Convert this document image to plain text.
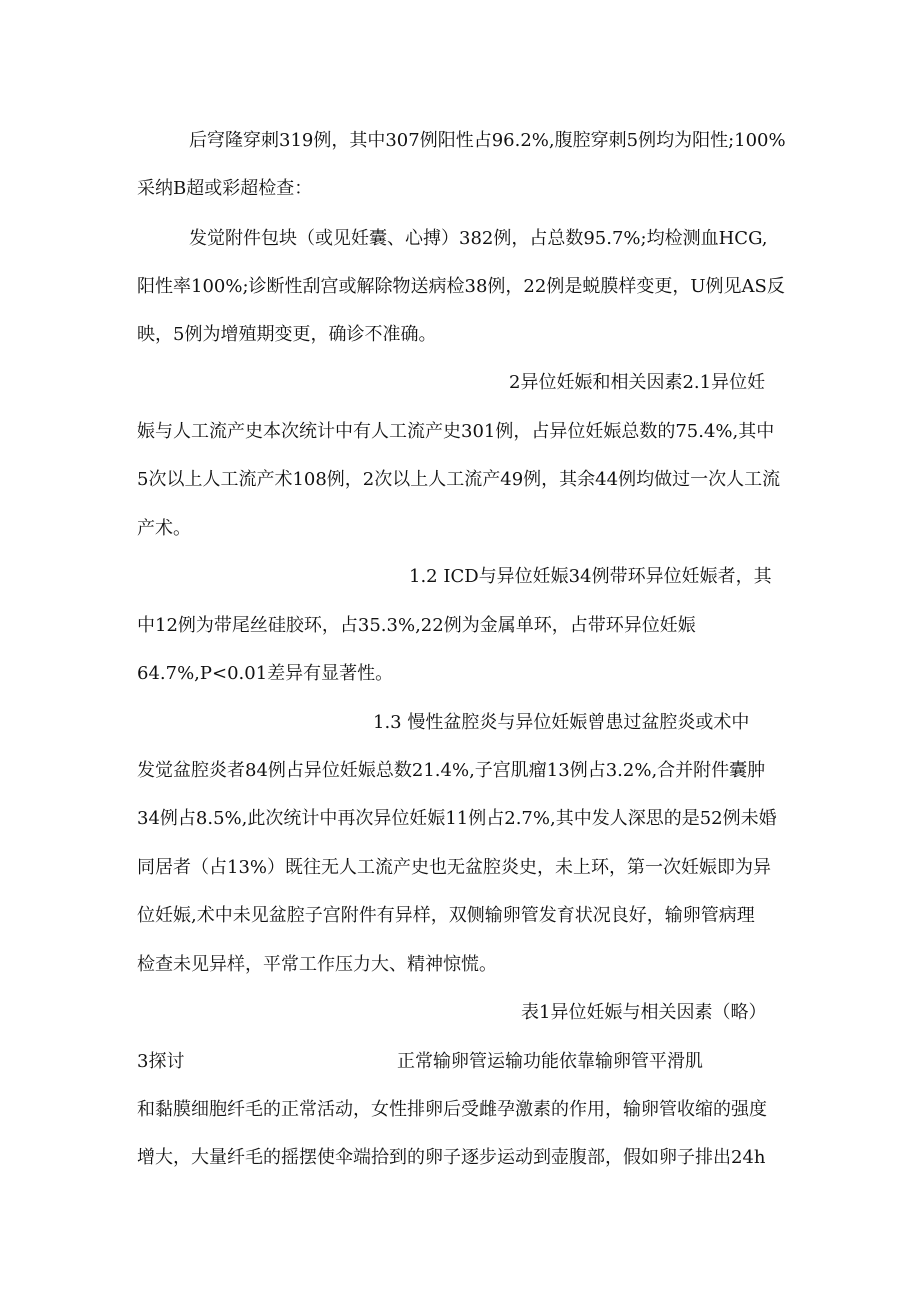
后穹隆穿刺319例，其中307例阳性占96.2%,腹腔穿刺5例均为阳性;100%
采纳B超或彩超检查：
发觉附件包块（或见妊囊、心搏）382例，占总数95.7%;均检测血HCG,
阳性率100%;诊断性刮宫或解除物送病检38例，22例是蜕膜样变更，U例见AS反
映，5例为增殖期变更，确诊不准确。
2异位妊娠和相关因素2.1异位妊
娠与人工流产史本次统计中有人工流产史301例，占异位妊娠总数的75.4%,其中
5次以上人工流产术108例，2次以上人工流产49例，其余44例均做过一次人工流
产术。
1.2 ICD与异位妊娠34例带环异位妊娠者，其
中12例为带尾丝硅胶环，占35.3%,22例为金属单环，占带环异位妊娠
64.7%,P<0.01差异有显著性。
1.3 慢性盆腔炎与异位妊娠曾患过盆腔炎或术中
发觉盆腔炎者84例占异位妊娠总数21.4%,子宫肌瘤13例占3.2%,合并附件囊肿
34例占8.5%,此次统计中再次异位妊娠11例占2.7%,其中发人深思的是52例未婚
同居者（占13%）既往无人工流产史也无盆腔炎史，未上环，第一次妊娠即为异
位妊娠,术中未见盆腔子宫附件有异样，双侧输卵管发育状况良好，输卵管病理
检查未见异样，平常工作压力大、精神惊慌。
表1异位妊娠与相关因素（略）
3探讨	正常输卵管运输功能依靠输卵管平滑肌
和黏膜细胞纤毛的正常活动，女性排卵后受雌孕激素的作用，输卵管收缩的强度
增大，大量纤毛的摇摆使伞端拾到的卵子逐步运动到壶腹部，假如卵子排出24h
